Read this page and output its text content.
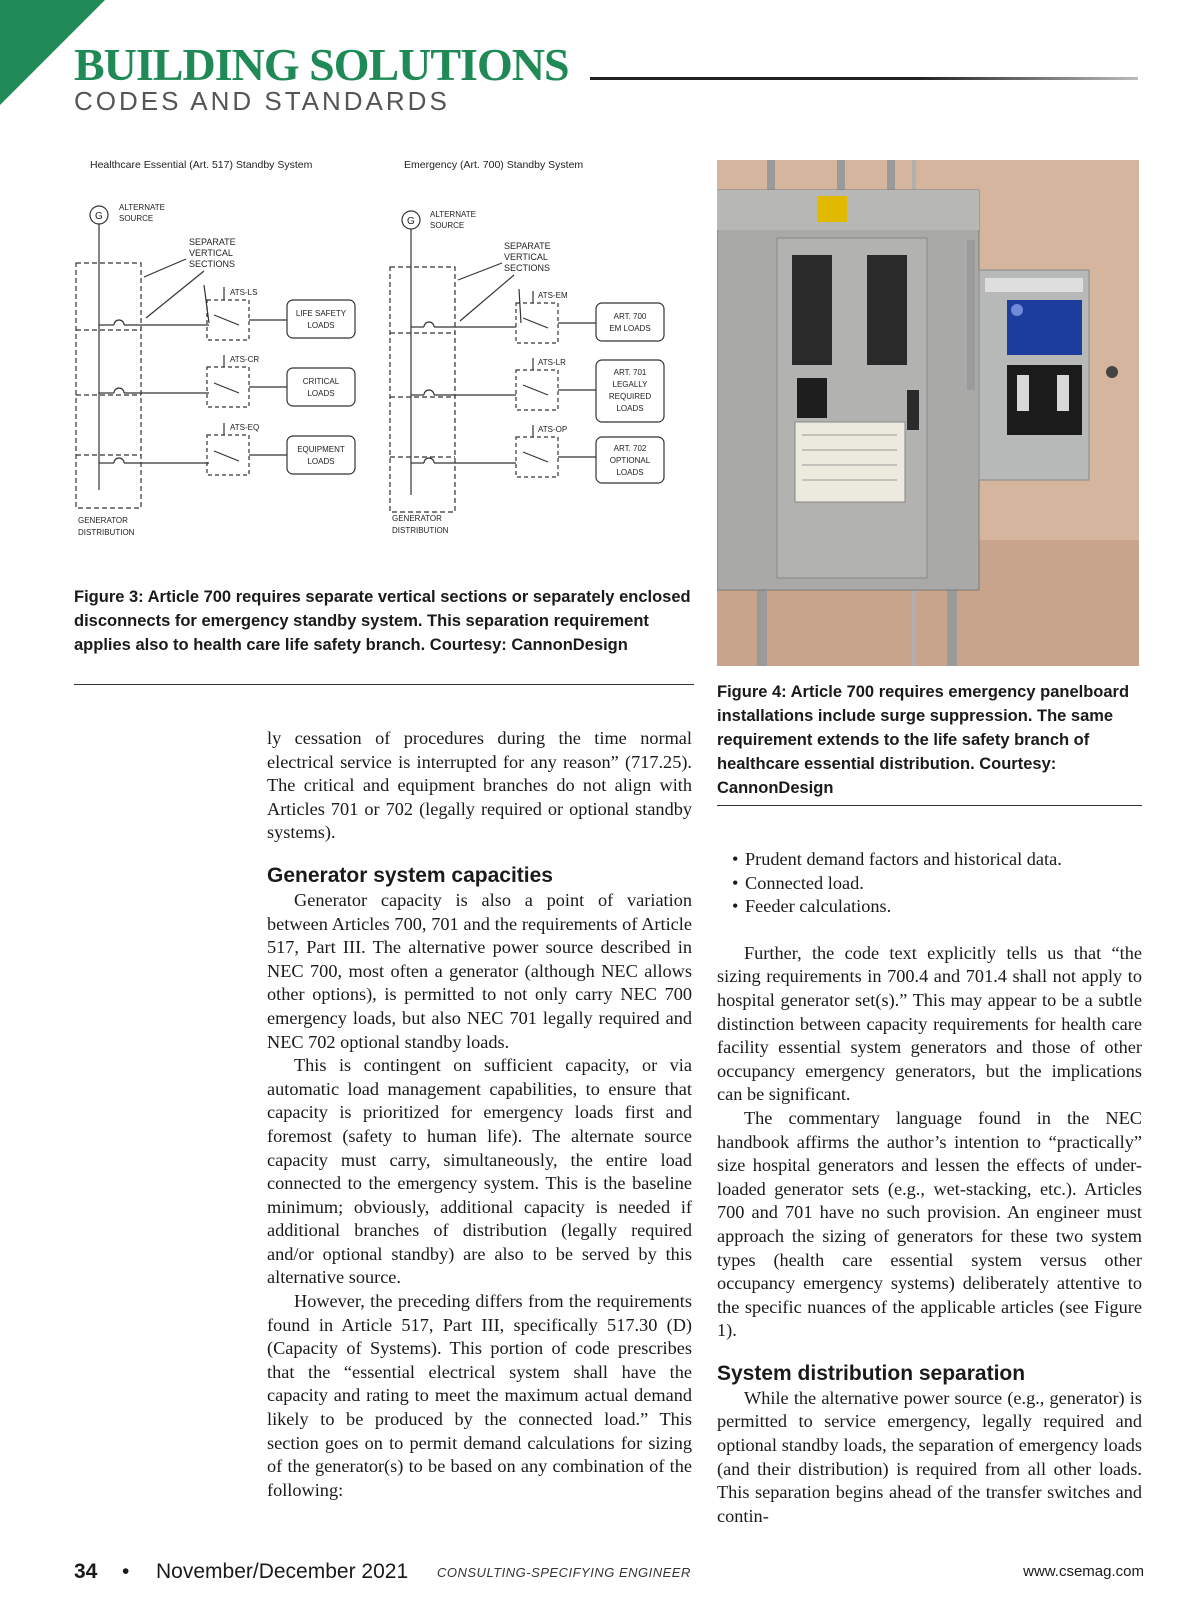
BUILDING SOLUTIONS
CODES AND STANDARDS
Healthcare Essential (Art. 517) Standby System	Emergency (Art. 700) Standby System
G
ALTERNATE
SOURCE
SEPARATE
VERTICAL
SECTIONS
ATS-LS
ATS-CR
ATS-EQ
LIFE SAFETY
LOADS
CRITICAL
LOADS
EQUIPMENT
LOADS
GENERATOR
DISTRIBUTION
G
ALTERNATE
SOURCE
SEPARATE
VERTICAL
SECTIONS
ATS-EM
ATS-LR
ATS-OP
ART. 700
EM LOADS
ART. 701
LEGALLY
REQUIRED
LOADS
ART. 702
OPTIONAL
LOADS
GENERATOR
DISTRIBUTION
Figure 3: Article 700 requires separate vertical sections or separately enclosed disconnects for emergency standby system. This separation requirement applies also to health care life safety branch. Courtesy: CannonDesign
Figure 4: Article 700 requires emergency panelboard installations include surge suppression. The same requirement extends to the life safety branch of healthcare essential distribution. Courtesy: CannonDesign

ly cessation of procedures during the time normal electrical service is interrupted for any reason” (717.25). The critical and equipment branches do not align with Articles 701 or 702 (legally required or optional standby systems).

Generator system capacities

Generator capacity is also a point of variation between Articles 700, 701 and the requirements of Article 517, Part III. The alternative power source described in NEC 700, most often a generator (although NEC allows other options), is permitted to not only carry NEC 700 emergency loads, but also NEC 701 legally required and NEC 702 optional standby loads.

This is contingent on sufficient capacity, or via automatic load management capabilities, to ensure that capacity is prioritized for emergency loads first and foremost (safety to human life). The alternate source capacity must carry, simultaneously, the entire load connected to the emergency system. This is the baseline minimum; obviously, additional capacity is needed if additional branches of distribution (legally required and/or optional standby) are also to be served by this alternative source.

However, the preceding differs from the requirements found in Article 517, Part III, specifically 517.30 (D) (Capacity of Systems). This portion of code prescribes that the “essential electrical system shall have the capacity and rating to meet the maximum actual demand likely to be produced by the connected load.” This section goes on to permit demand calculations for sizing of the generator(s) to be based on any combination of the following:

• Prudent demand factors and historical data.
• Connected load.
• Feeder calculations.

Further, the code text explicitly tells us that “the sizing requirements in 700.4 and 701.4 shall not apply to hospital generator set(s).” This may appear to be a subtle distinction between capacity requirements for health care facility essential system generators and those of other occupancy emergency generators, but the implications can be significant.

The commentary language found in the NEC handbook affirms the author’s intention to “practically” size hospital generators and lessen the effects of under-loaded generator sets (e.g., wet-stacking, etc.). Articles 700 and 701 have no such provision. An engineer must approach the sizing of generators for these two system types (health care essential system versus other occupancy emergency systems) deliberately attentive to the specific nuances of the applicable articles (see Figure 1).

System distribution separation

While the alternative power source (e.g., generator) is permitted to service emergency, legally required and optional standby loads, the separation of emergency loads (and their distribution) is required from all other loads. This separation begins ahead of the transfer switches and contin-

34 • November/December 2021 CONSULTING-SPECIFYING ENGINEER	www.csemag.com
